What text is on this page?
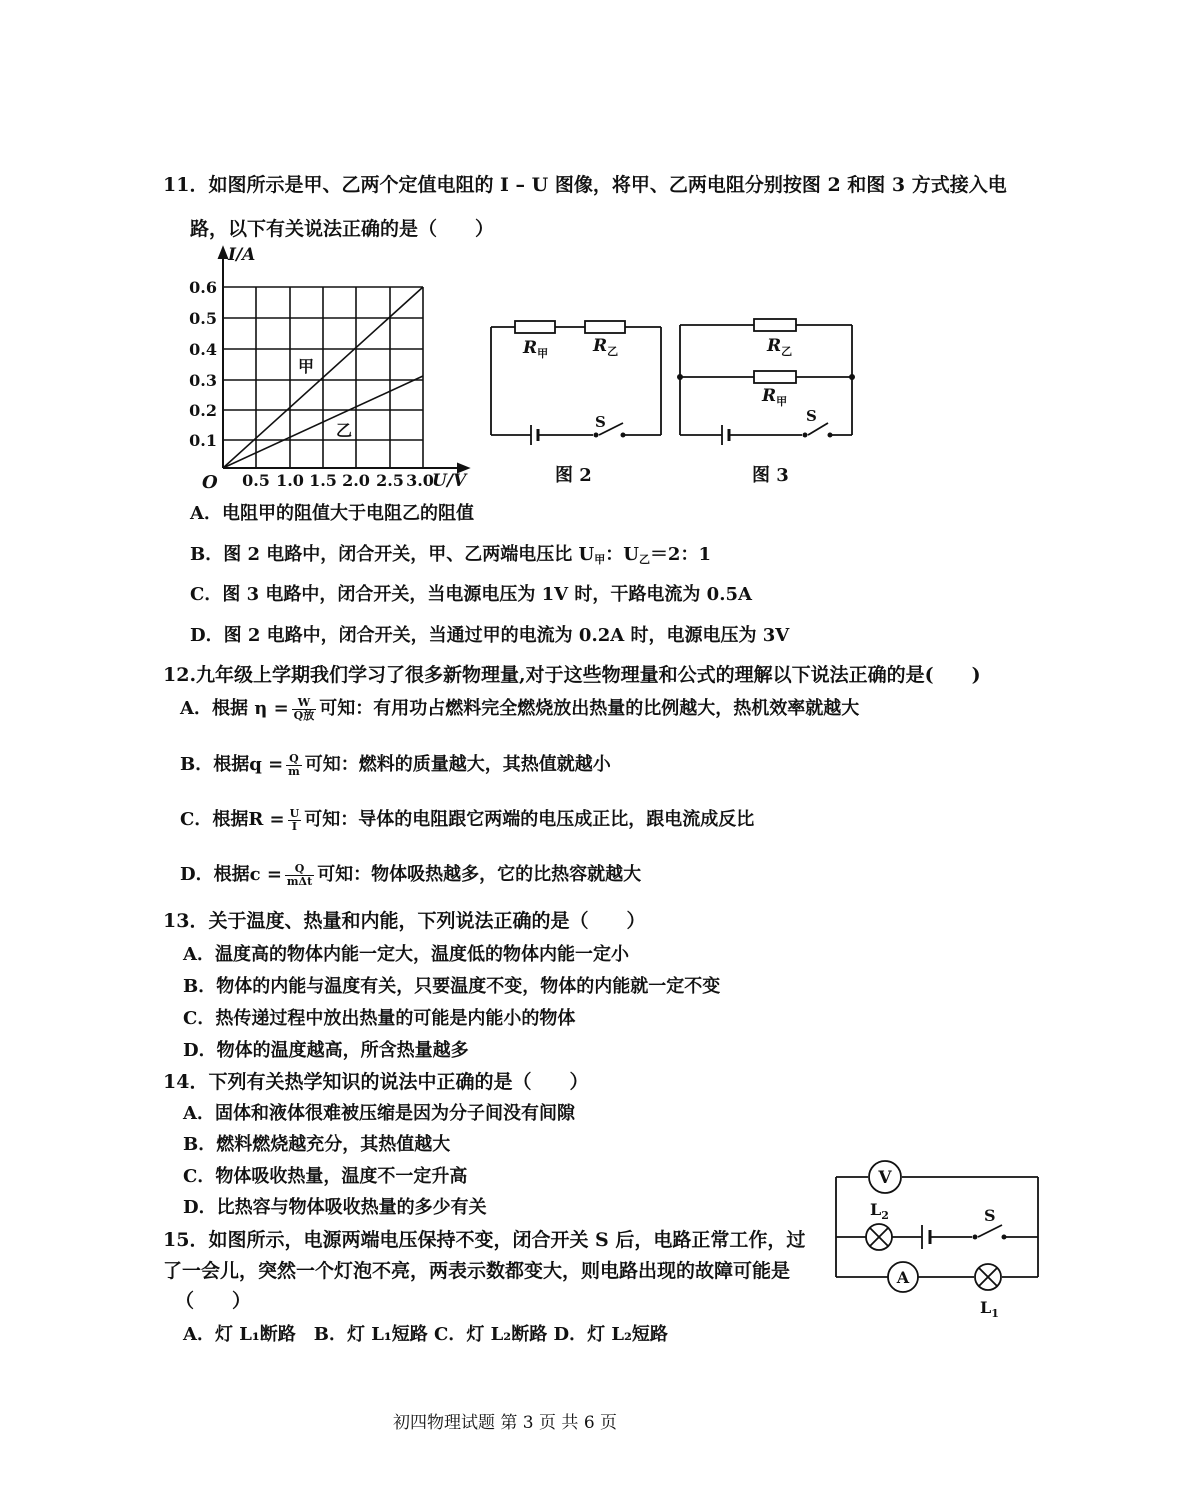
11．如图所示是甲、乙两个定值电阻的 I – U 图像，将甲、乙两电阻分别按图 2 和图 3 方式接入电
路，以下有关说法正确的是（　　）
I/A
U/V
O
甲
乙
0.6
0.5
0.4
0.3
0.2
0.1
0.5 1.0 1.5 2.0 2.5 3.0
$R_甲$	$R_乙$
S
图 2
$R_乙$
$R_甲$
S
图 3
A．电阻甲的阻值大于电阻乙的阻值
B．图 2 电路中，闭合开关，甲、乙两端电压比 $U_甲$：$U_乙=2$：1
C．图 3 电路中，闭合开关，当电源电压为 1V 时，干路电流为 0.5A
D．图 2 电路中，闭合开关，当通过甲的电流为 0.2A 时，电源电压为 3V
12.九年级上学期我们学习了很多新物理量,对于这些物理量和公式的理解以下说法正确的是(　　)
A．根据 $\eta = \frac{W}{\text{Q放}}$ 可知：有用功占燃料完全燃烧放出热量的比例越大，热机效率就越大
B．根据$q = \frac{Q}{m}$ 可知：燃料的质量越大，其热值就越小
C．根据$R = \frac{U}{I}$ 可知：导体的电阻跟它两端的电压成正比，跟电流成反比
D．根据$c = \frac{Q}{\text{mΔt}}$ 可知：物体吸热越多，它的比热容就越大
13．关于温度、热量和内能，下列说法正确的是（　　）
A．温度高的物体内能一定大，温度低的物体内能一定小
B．物体的内能与温度有关，只要温度不变，物体的内能就一定不变
C．热传递过程中放出热量的可能是内能小的物体
D．物体的温度越高，所含热量越多
14．下列有关热学知识的说法中正确的是（　　）
A．固体和液体很难被压缩是因为分子间没有间隙
B．燃料燃烧越充分，其热值越大
C．物体吸收热量，温度不一定升高
D．比热容与物体吸收热量的多少有关
15．如图所示，电源两端电压保持不变，闭合开关 S 后，电路正常工作，过
了一会儿，突然一个灯泡不亮，两表示数都变大，则电路出现的故障可能是
（　　）
A．灯 L₁断路　B．灯 L₁短路 C．灯 L₂断路 D．灯 L₂短路
V
$L_2$	S
A
$L_1$
初四物理试题 第 3 页 共 6 页
